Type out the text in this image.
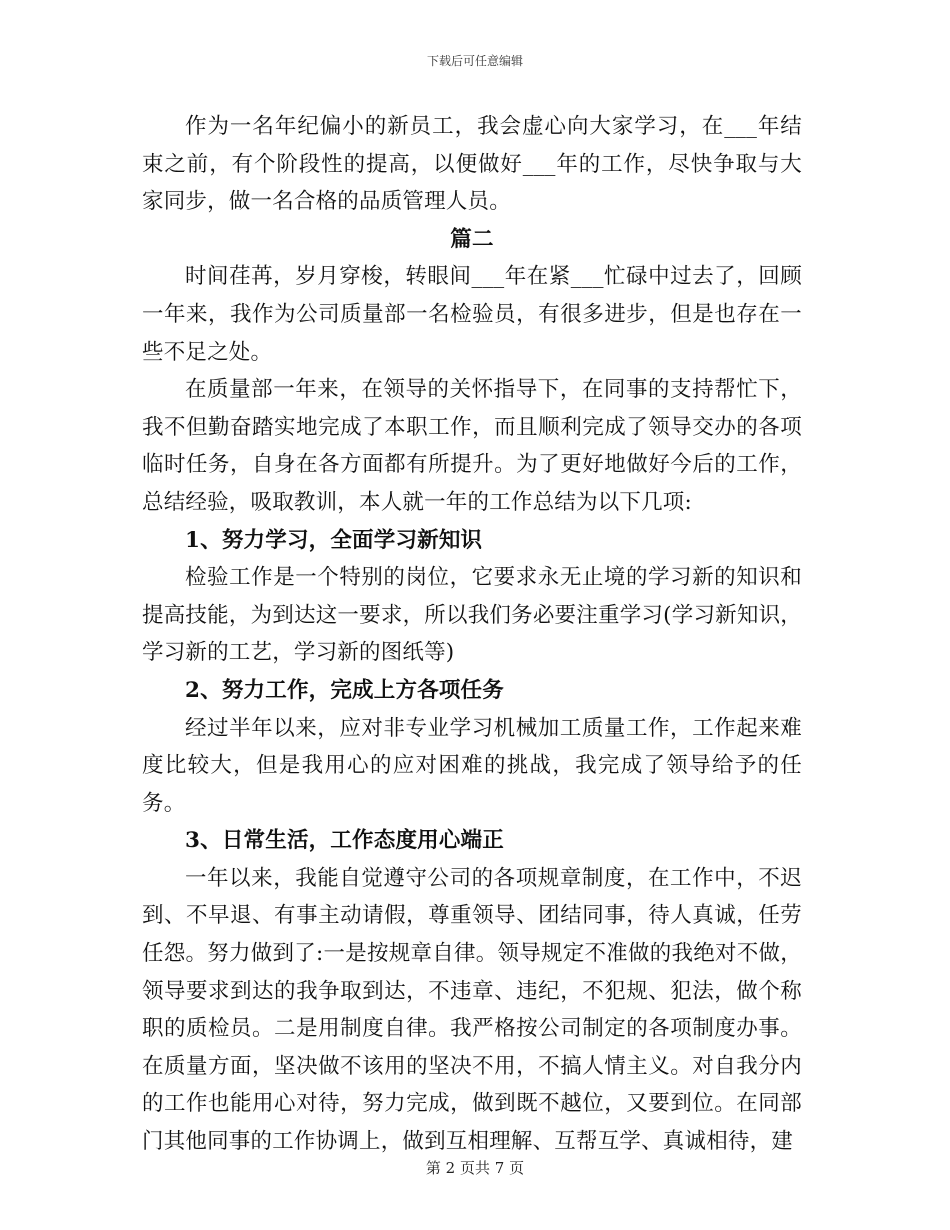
下载后可任意编辑

作为一名年纪偏小的新员工，我会虚心向大家学习，在___年结束之前，有个阶段性的提高，以便做好___年的工作，尽快争取与大家同步，做一名合格的品质管理人员。

篇二

时间荏苒，岁月穿梭，转眼间___年在紧___忙碌中过去了，回顾一年来，我作为公司质量部一名检验员，有很多进步，但是也存在一些不足之处。

在质量部一年来，在领导的关怀指导下，在同事的支持帮忙下，我不但勤奋踏实地完成了本职工作，而且顺利完成了领导交办的各项临时任务，自身在各方面都有所提升。为了更好地做好今后的工作，总结经验，吸取教训，本人就一年的工作总结为以下几项:

1、努力学习，全面学习新知识

检验工作是一个特别的岗位，它要求永无止境的学习新的知识和提高技能，为到达这一要求，所以我们务必要注重学习(学习新知识，学习新的工艺，学习新的图纸等)

2、努力工作，完成上方各项任务

经过半年以来，应对非专业学习机械加工质量工作，工作起来难度比较大，但是我用心的应对困难的挑战，我完成了领导给予的任务。

3、日常生活，工作态度用心端正

一年以来，我能自觉遵守公司的各项规章制度，在工作中，不迟到、不早退、有事主动请假，尊重领导、团结同事，待人真诚，任劳任怨。努力做到了:一是按规章自律。领导规定不准做的我绝对不做，领导要求到达的我争取到达，不违章、违纪，不犯规、犯法，做个称职的质检员。二是用制度自律。我严格按公司制定的各项制度办事。在质量方面，坚决做不该用的坚决不用，不搞人情主义。对自我分内的工作也能用心对待，努力完成，做到既不越位，又要到位。在同部门其他同事的工作协调上，做到互相理解、互帮互学、真诚相待，建

第 2 页共 7 页
